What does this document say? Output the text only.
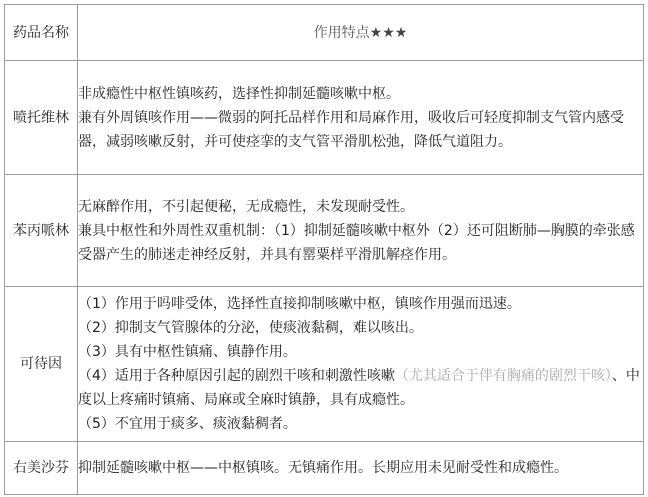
药品名称	作用特点★★★
喷托维林	非成瘾性中枢性镇咳药，选择性抑制延髓咳嗽中枢。
兼有外周镇咳作用——微弱的阿托品样作用和局麻作用，吸收后可轻度抑制支气管内感受器，减弱咳嗽反射，并可使痉挛的支气管平滑肌松弛，降低气道阻力。

苯丙哌林	无麻醉作用，不引起便秘，无成瘾性，未发现耐受性。
兼具中枢性和外周性双重机制：（1）抑制延髓咳嗽中枢外（2）还可阻断肺—胸膜的牵张感受器产生的肺迷走神经反射，并具有罂粟样平滑肌解痉作用。

可待因	（1）作用于吗啡受体，选择性直接抑制咳嗽中枢，镇咳作用强而迅速。
（2）抑制支气管腺体的分泌，使痰液黏稠，难以咳出。
（3）具有中枢性镇痛、镇静作用。
（4）适用于各种原因引起的剧烈干咳和刺激性咳嗽（尤其适合于伴有胸痛的剧烈干咳）、中度以上疼痛时镇痛、局麻或全麻时镇静，具有成瘾性。
（5）不宜用于痰多、痰液黏稠者。

右美沙芬	抑制延髓咳嗽中枢——中枢镇咳。无镇痛作用。长期应用未见耐受性和成瘾性。
